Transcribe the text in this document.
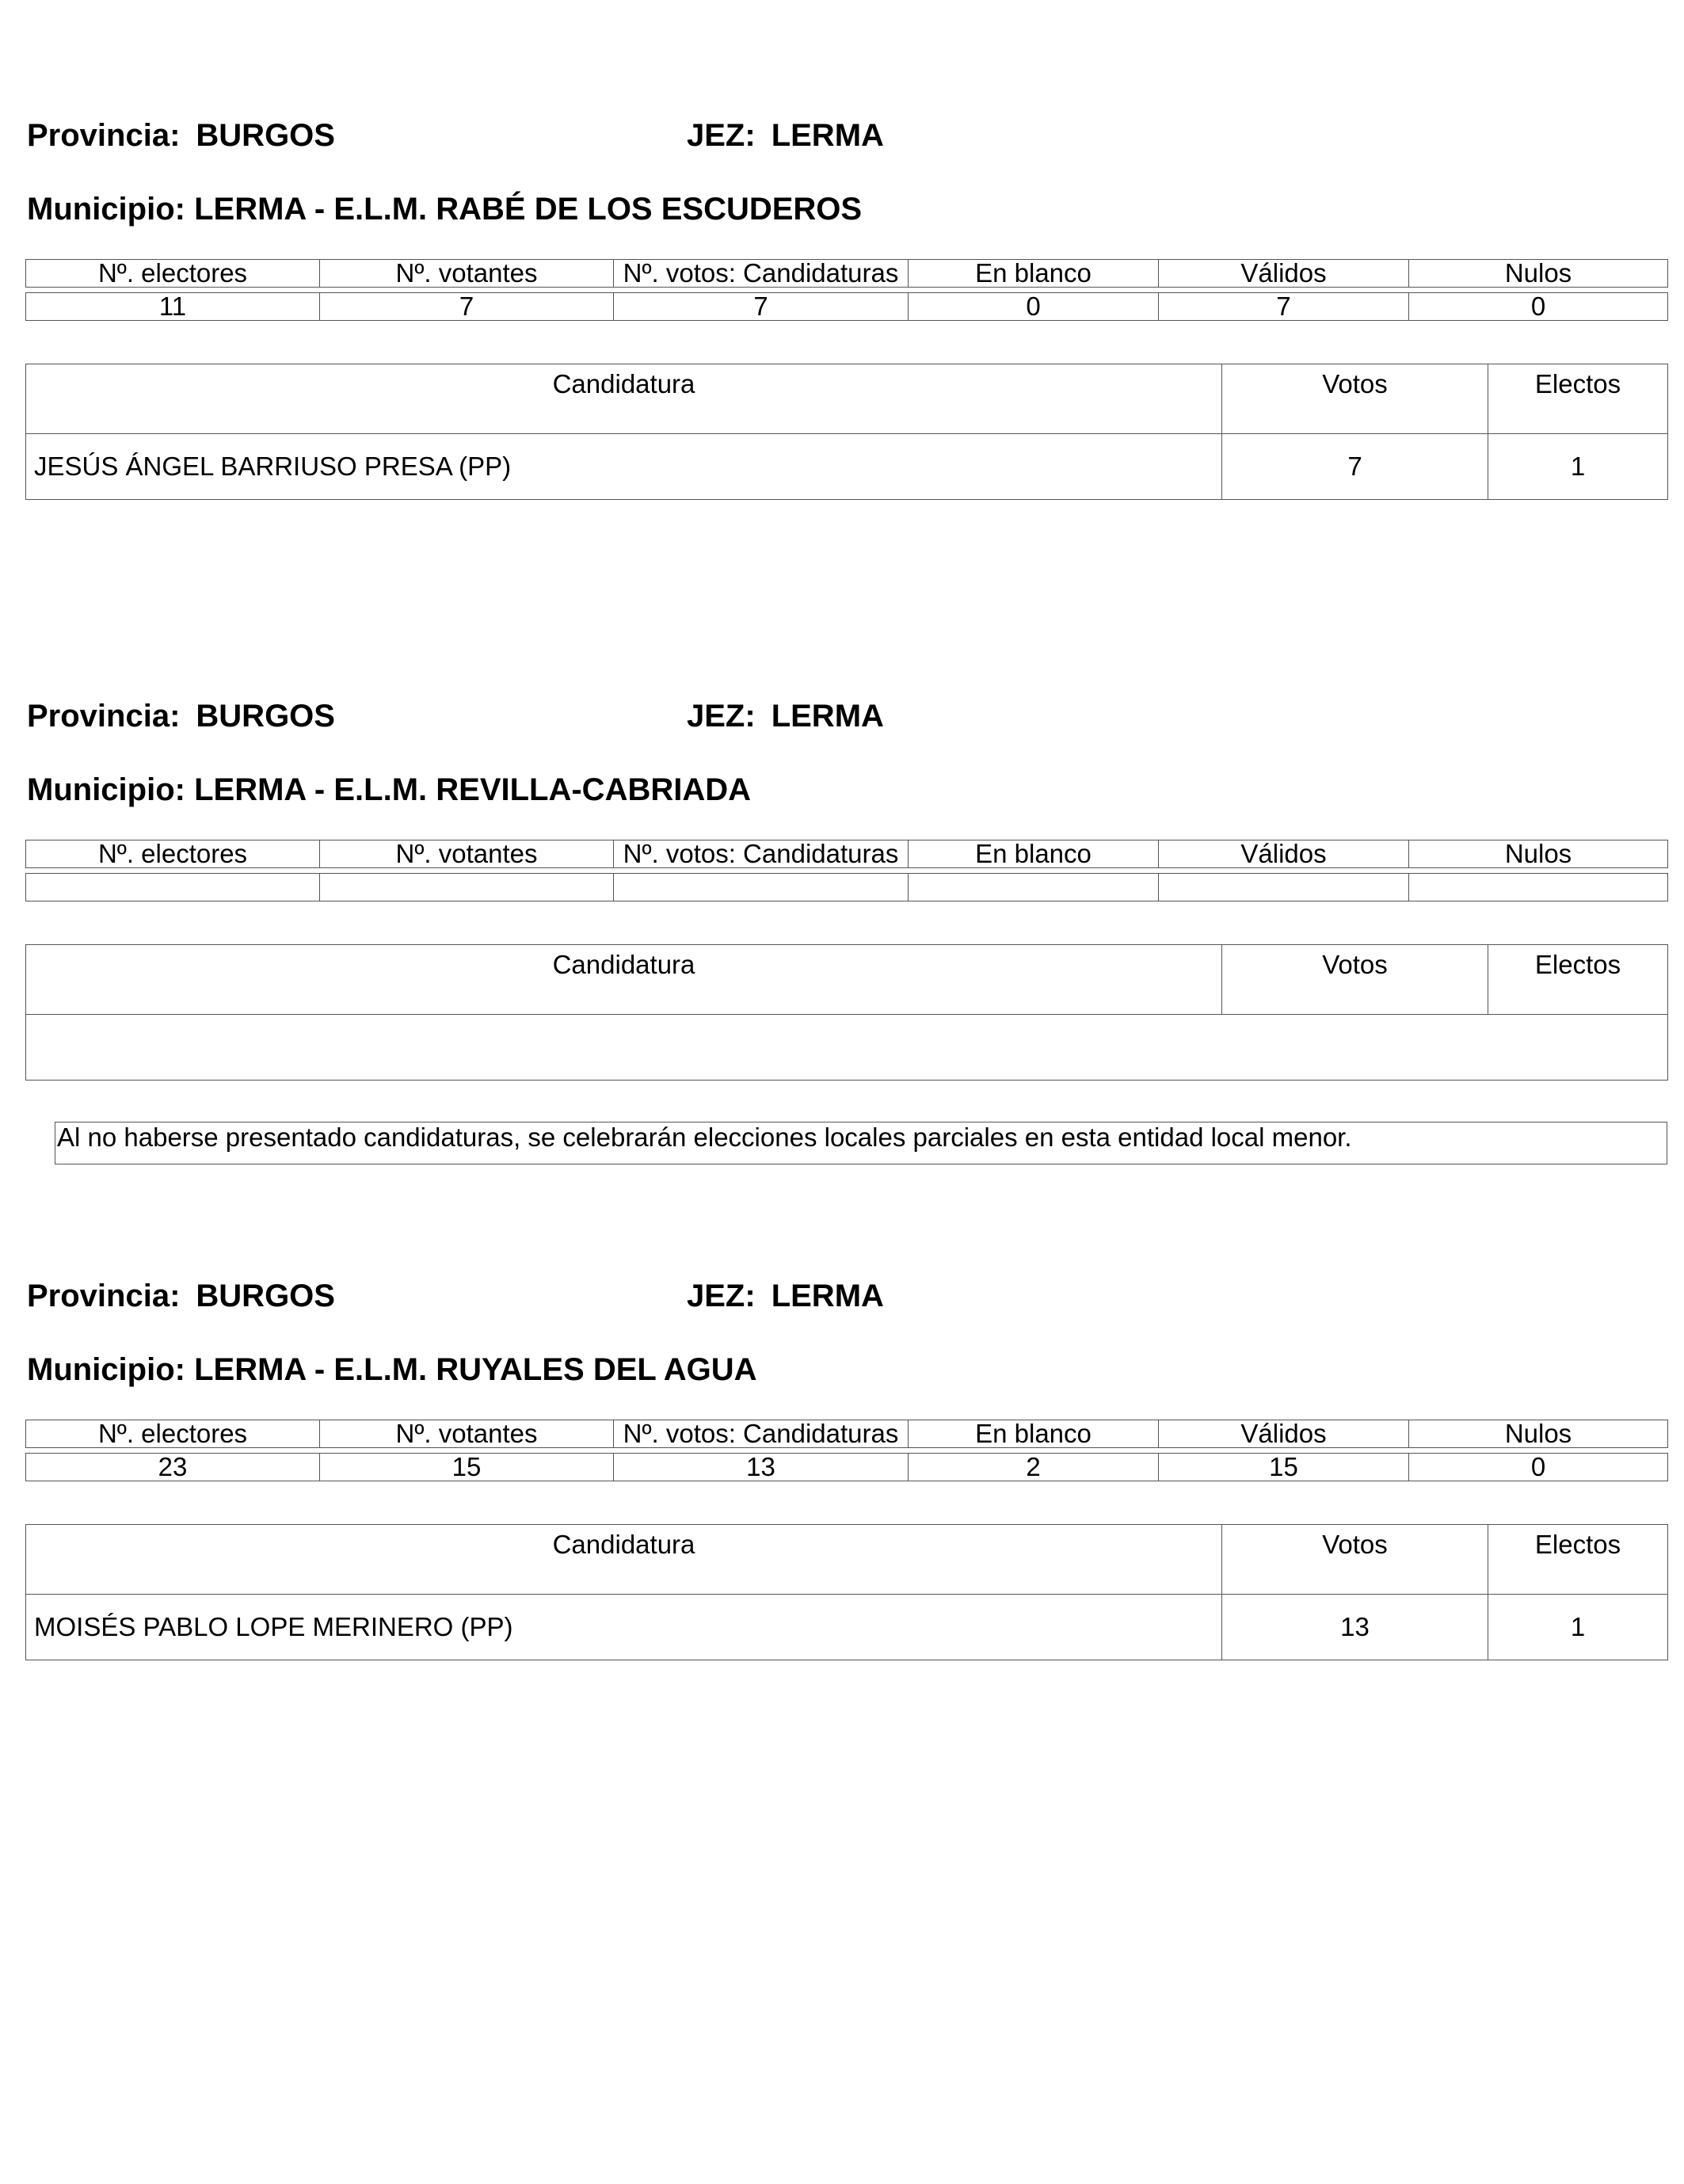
Provincia: BURGOS	JEZ: LERMA
Municipio: LERMA - E.L.M. RABÉ DE LOS ESCUDEROS
Nº. electores	Nº. votantes	Nº. votos: Candidaturas	En blanco	Válidos	Nulos

11	7	7	0	7	0
Candidatura	Votos	Electos
JESÚS ÁNGEL BARRIUSO PRESA (PP)	7	1
Provincia: BURGOS	JEZ: LERMA
Municipio: LERMA - E.L.M. REVILLA-CABRIADA
Nº. electores	Nº. votantes	Nº. votos: Candidaturas	En blanco	Válidos	Nulos

Candidatura	Votos	Electos

Al no haberse presentado candidaturas, se celebrarán elecciones locales parciales en esta entidad local menor.
Provincia: BURGOS	JEZ: LERMA
Municipio: LERMA - E.L.M. RUYALES DEL AGUA
Nº. electores	Nº. votantes	Nº. votos: Candidaturas	En blanco	Válidos	Nulos

23	15	13	2	15	0
Candidatura	Votos	Electos
MOISÉS PABLO LOPE MERINERO (PP)	13	1
